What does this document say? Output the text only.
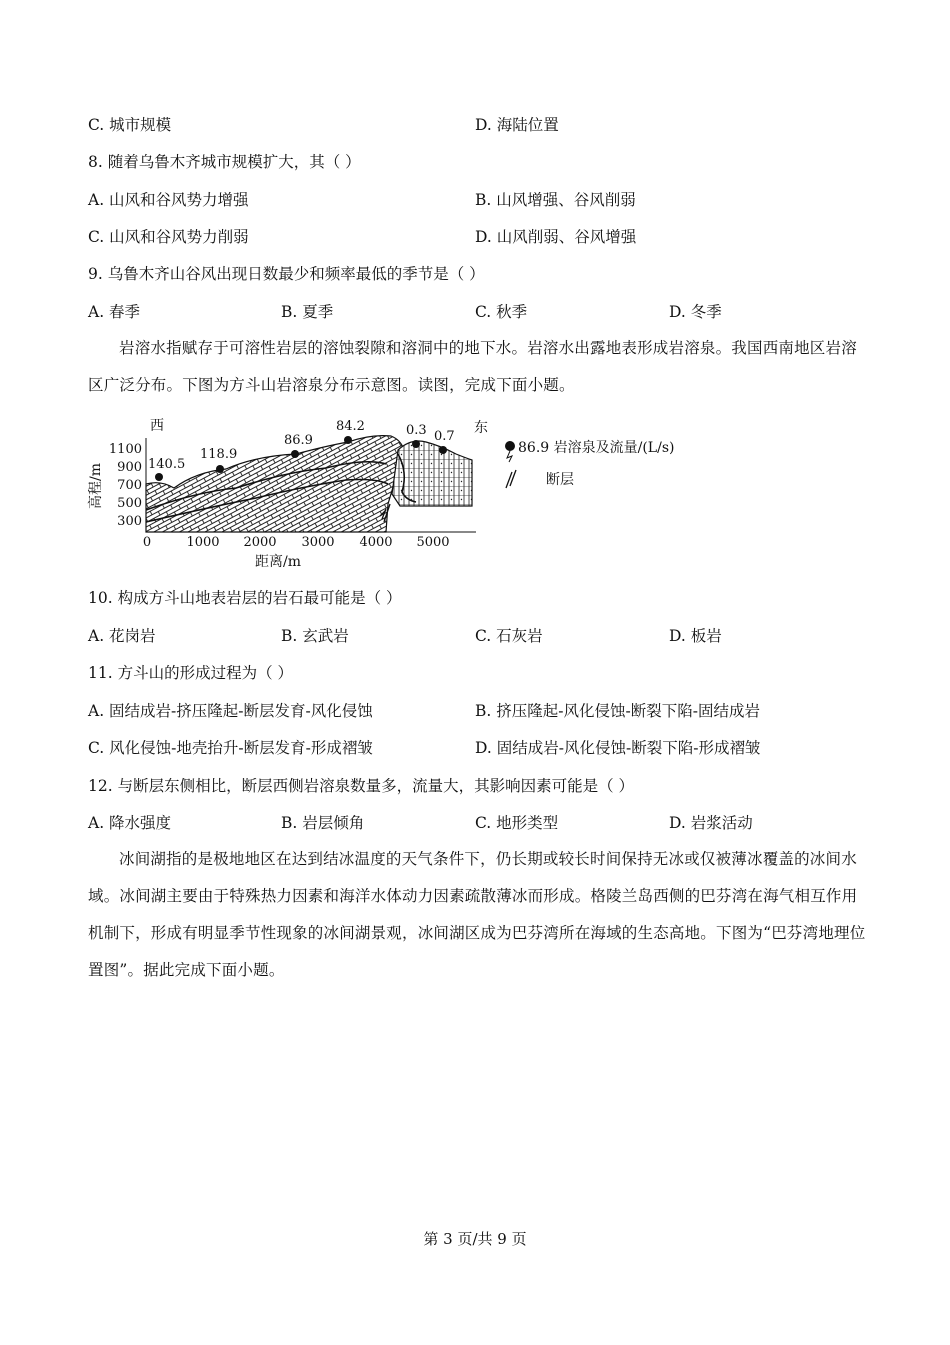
C. 城市规模	D. 海陆位置
8. 随着乌鲁木齐城市规模扩大，其（ ）
A. 山风和谷风势力增强	B. 山风增强、谷风削弱
C. 山风和谷风势力削弱	D. 山风削弱、谷风增强
9. 乌鲁木齐山谷风出现日数最少和频率最低的季节是（ ）
A. 春季	B. 夏季	C. 秋季	D. 冬季
岩溶水指赋存于可溶性岩层的溶蚀裂隙和溶洞中的地下水。岩溶水出露地表形成岩溶泉。我国西南地区岩溶区广泛分布。下图为方斗山岩溶泉分布示意图。读图，完成下面小题。
1100
900
700
500
300
0	1000 2000 3000 4000 5000
距离/m
高程/m
西	东
140.5
118.9
86.9
84.2	0.3 0.7
86.9 岩溶泉及流量/(L/s)
断层
10. 构成方斗山地表岩层的岩石最可能是（ ）
A. 花岗岩	B. 玄武岩	C. 石灰岩	D. 板岩
11. 方斗山的形成过程为（ ）
A. 固结成岩-挤压隆起-断层发育-风化侵蚀	B. 挤压隆起-风化侵蚀-断裂下陷-固结成岩
C. 风化侵蚀-地壳抬升-断层发育-形成褶皱	D. 固结成岩-风化侵蚀-断裂下陷-形成褶皱
12. 与断层东侧相比，断层西侧岩溶泉数量多，流量大，其影响因素可能是（ ）
A. 降水强度	B. 岩层倾角	C. 地形类型	D. 岩浆活动
冰间湖指的是极地地区在达到结冰温度的天气条件下，仍长期或较长时间保持无冰或仅被薄冰覆盖的冰间水域。冰间湖主要由于特殊热力因素和海洋水体动力因素疏散薄冰而形成。格陵兰岛西侧的巴芬湾在海气相互作用机制下，形成有明显季节性现象的冰间湖景观，冰间湖区成为巴芬湾所在海域的生态高地。下图为“巴芬湾地理位置图”。据此完成下面小题。
第 3 页/共 9 页
